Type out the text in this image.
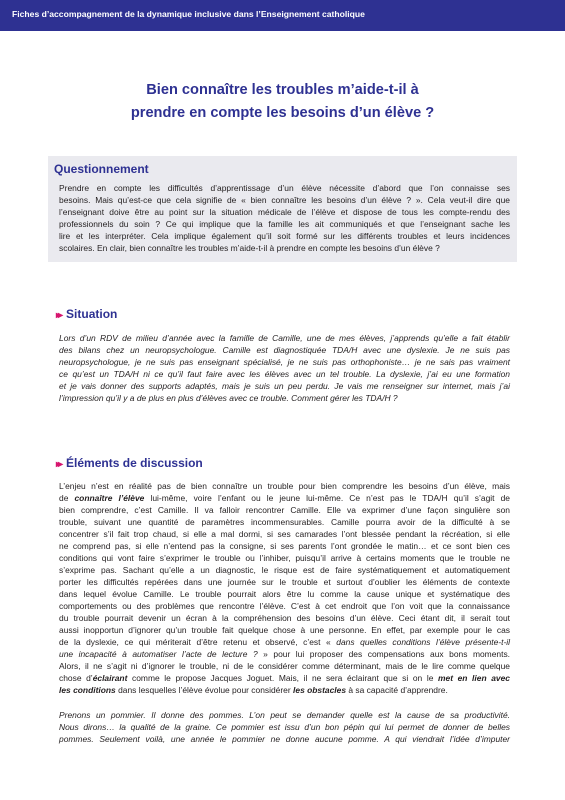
Fiches d’accompagnement de la dynamique inclusive dans l’Enseignement catholique
Bien connaître les troubles m’aide-t-il à
prendre en compte les besoins d’un élève ?
Questionnement
Prendre en compte les difficultés d’apprentissage d’un élève nécessite d’abord que l’on connaisse ses
besoins. Mais qu’est-ce que cela signifie de « bien connaître les besoins d’un élève ? ». Cela veut-il dire que
l’enseignant doive être au point sur la situation médicale de l’élève et dispose de tous les compte-rendu des
professionnels du soin ? Ce qui implique que la famille les ait communiqués et que l’enseignant sache les
lire et les interpréter. Cela implique également qu’il soit formé sur les différents troubles et leurs incidences
scolaires. En clair, bien connaître les troubles m’aide-t-il à prendre en compte les besoins d’un élève ?
▸▸ Situation
Lors d’un RDV de milieu d’année avec la famille de Camille, une de mes élèves, j’apprends qu’elle a fait établir
des bilans chez un neuropsychologue. Camille est diagnostiquée TDA/H avec une dyslexie. Je ne suis pas
neuropsychologue, je ne suis pas enseignant spécialisé, je ne suis pas orthophoniste… je ne sais pas vraiment
ce qu’est un TDA/H ni ce qu’il faut faire avec les élèves avec un tel trouble. La dyslexie, j’ai eu une formation
et je vais donner des supports adaptés, mais je suis un peu perdu. Je vais me renseigner sur internet, mais j’ai
l’impression qu’il y a de plus en plus d’élèves avec ce trouble. Comment gérer les TDA/H ?
▸▸ Éléments de discussion
L’enjeu n’est en réalité pas de bien connaître un trouble pour bien comprendre les besoins d’un élève, mais
de connaître l’élève lui-même, voire l’enfant ou le jeune lui-même. Ce n’est pas le TDA/H qu’il s’agit de
bien comprendre, c’est Camille. Il va falloir rencontrer Camille. Elle va exprimer d’une façon singulière son
trouble, suivant une quantité de paramètres incommensurables. Camille pourra avoir de la difficulté à se
concentrer s’il fait trop chaud, si elle a mal dormi, si ses camarades l’ont blessée pendant la récréation, si elle
ne comprend pas, si elle n’entend pas la consigne, si ses parents l’ont grondée le matin… et ce sont bien ces
conditions qui vont faire s’exprimer le trouble ou l’inhiber, puisqu’il arrive à certains moments que le trouble ne
s’exprime pas. Sachant qu’elle a un diagnostic, le risque est de faire systématiquement et automatiquement
porter les difficultés repérées dans une journée sur le trouble et surtout d’oublier les éléments de contexte
dans lequel évolue Camille. Le trouble pourrait alors être lu comme la cause unique et systématique des
comportements ou des problèmes que rencontre l’élève. C’est à cet endroit que l’on voit que la connaissance
du trouble pourrait devenir un écran à la compréhension des besoins d’un élève. Ceci étant dit, il serait tout
aussi inopportun d’ignorer qu’un trouble fait quelque chose à une personne. En effet, par exemple pour le cas
de la dyslexie, ce qui mériterait d’être retenu et observé, c’est « dans quelles conditions l’élève présente-t-il
une incapacité à automatiser l’acte de lecture ? » pour lui proposer des compensations aux bons moments.
Alors, il ne s’agit ni d’ignorer le trouble, ni de le considérer comme déterminant, mais de le lire comme quelque
chose d’éclairant comme le propose Jacques Joguet. Mais, il ne sera éclairant que si on le met en lien avec
les conditions dans lesquelles l’élève évolue pour considérer les obstacles à sa capacité d’apprendre.
Prenons un pommier. Il donne des pommes. L’on peut se demander quelle est la cause de sa productivité.
Nous dirons… la qualité de la graine. Ce pommier est issu d’un bon pépin qui lui permet de donner de belles
pommes. Seulement voilà, une année le pommier ne donne aucune pomme. A qui viendrait l’idée d’imputer
